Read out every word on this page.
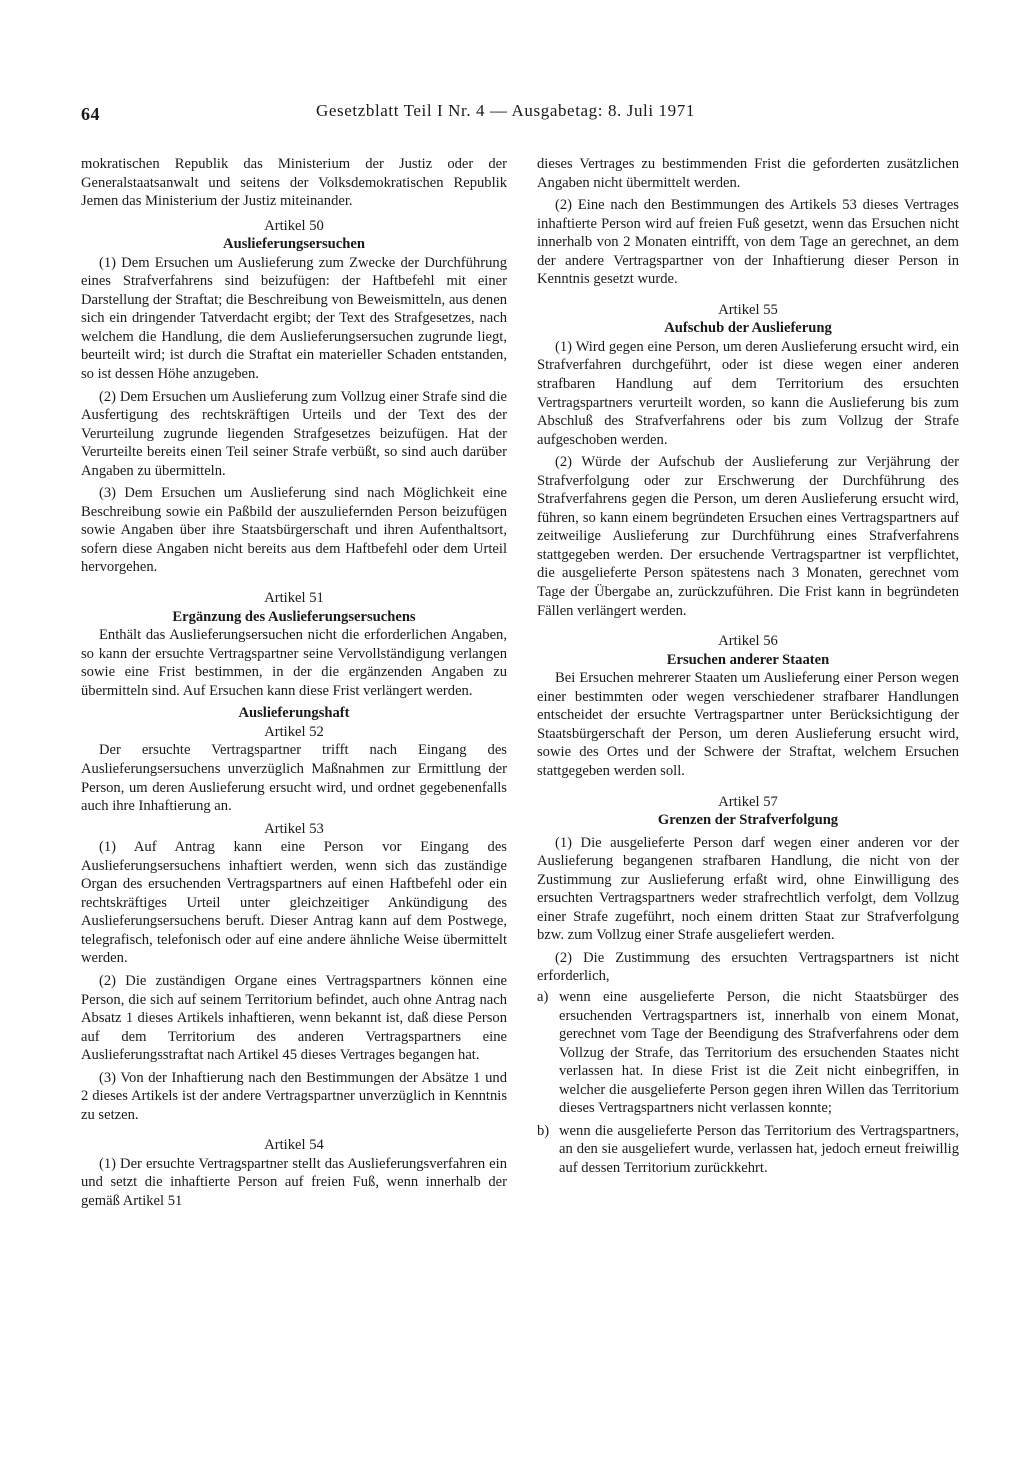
64	Gesetzblatt Teil I Nr. 4 — Ausgabetag: 8. Juli 1971

mokratischen Republik das Ministerium der Justiz oder der Generalstaatsanwalt und seitens der Volksdemokratischen Republik Jemen das Ministerium der Justiz miteinander.

Artikel 50

Auslieferungsersuchen

(1) Dem Ersuchen um Auslieferung zum Zwecke der Durchführung eines Strafverfahrens sind beizufügen: der Haftbefehl mit einer Darstellung der Straftat; die Beschreibung von Beweismitteln, aus denen sich ein dringender Tatverdacht ergibt; der Text des Strafgesetzes, nach welchem die Handlung, die dem Auslieferungsersuchen zugrunde liegt, beurteilt wird; ist durch die Straftat ein materieller Schaden entstanden, so ist dessen Höhe anzugeben.

(2) Dem Ersuchen um Auslieferung zum Vollzug einer Strafe sind die Ausfertigung des rechtskräftigen Urteils und der Text des der Verurteilung zugrunde liegenden Strafgesetzes beizufügen. Hat der Verurteilte bereits einen Teil seiner Strafe verbüßt, so sind auch darüber Angaben zu übermitteln.

(3) Dem Ersuchen um Auslieferung sind nach Möglichkeit eine Beschreibung sowie ein Paßbild der auszuliefernden Person beizufügen sowie Angaben über ihre Staatsbürgerschaft und ihren Aufenthaltsort, sofern diese Angaben nicht bereits aus dem Haftbefehl oder dem Urteil hervorgehen.

Artikel 51

Ergänzung des Auslieferungsersuchens

Enthält das Auslieferungsersuchen nicht die erforderlichen Angaben, so kann der ersuchte Vertragspartner seine Vervollständigung verlangen sowie eine Frist bestimmen, in der die ergänzenden Angaben zu übermitteln sind. Auf Ersuchen kann diese Frist verlängert werden.

Auslieferungshaft

Artikel 52

Der ersuchte Vertragspartner trifft nach Eingang des Auslieferungsersuchens unverzüglich Maßnahmen zur Ermittlung der Person, um deren Auslieferung ersucht wird, und ordnet gegebenenfalls auch ihre Inhaftierung an.

Artikel 53

(1) Auf Antrag kann eine Person vor Eingang des Auslieferungsersuchens inhaftiert werden, wenn sich das zuständige Organ des ersuchenden Vertragspartners auf einen Haftbefehl oder ein rechtskräftiges Urteil unter gleichzeitiger Ankündigung des Auslieferungsersuchens beruft. Dieser Antrag kann auf dem Postwege, telegrafisch, telefonisch oder auf eine andere ähnliche Weise übermittelt werden.

(2) Die zuständigen Organe eines Vertragspartners können eine Person, die sich auf seinem Territorium befindet, auch ohne Antrag nach Absatz 1 dieses Artikels inhaftieren, wenn bekannt ist, daß diese Person auf dem Territorium des anderen Vertragspartners eine Auslieferungsstraftat nach Artikel 45 dieses Vertrages begangen hat.

(3) Von der Inhaftierung nach den Bestimmungen der Absätze 1 und 2 dieses Artikels ist der andere Vertragspartner unverzüglich in Kenntnis zu setzen.

Artikel 54

(1) Der ersuchte Vertragspartner stellt das Auslieferungsverfahren ein und setzt die inhaftierte Person auf freien Fuß, wenn innerhalb der gemäß Artikel 51

dieses Vertrages zu bestimmenden Frist die geforderten zusätzlichen Angaben nicht übermittelt werden.

(2) Eine nach den Bestimmungen des Artikels 53 dieses Vertrages inhaftierte Person wird auf freien Fuß gesetzt, wenn das Ersuchen nicht innerhalb von 2 Monaten eintrifft, von dem Tage an gerechnet, an dem der andere Vertragspartner von der Inhaftierung dieser Person in Kenntnis gesetzt wurde.

Artikel 55

Aufschub der Auslieferung

(1) Wird gegen eine Person, um deren Auslieferung ersucht wird, ein Strafverfahren durchgeführt, oder ist diese wegen einer anderen strafbaren Handlung auf dem Territorium des ersuchten Vertragspartners verurteilt worden, so kann die Auslieferung bis zum Abschluß des Strafverfahrens oder bis zum Vollzug der Strafe aufgeschoben werden.

(2) Würde der Aufschub der Auslieferung zur Verjährung der Strafverfolgung oder zur Erschwerung der Durchführung des Strafverfahrens gegen die Person, um deren Auslieferung ersucht wird, führen, so kann einem begründeten Ersuchen eines Vertragspartners auf zeitweilige Auslieferung zur Durchführung eines Strafverfahrens stattgegeben werden. Der ersuchende Vertragspartner ist verpflichtet, die ausgelieferte Person spätestens nach 3 Monaten, gerechnet vom Tage der Übergabe an, zurückzuführen. Die Frist kann in begründeten Fällen verlängert werden.

Artikel 56

Ersuchen anderer Staaten

Bei Ersuchen mehrerer Staaten um Auslieferung einer Person wegen einer bestimmten oder wegen verschiedener strafbarer Handlungen entscheidet der ersuchte Vertragspartner unter Berücksichtigung der Staatsbürgerschaft der Person, um deren Auslieferung ersucht wird, sowie des Ortes und der Schwere der Straftat, welchem Ersuchen stattgegeben werden soll.

Artikel 57

Grenzen der Strafverfolgung

(1) Die ausgelieferte Person darf wegen einer anderen vor der Auslieferung begangenen strafbaren Handlung, die nicht von der Zustimmung zur Auslieferung erfaßt wird, ohne Einwilligung des ersuchten Vertragspartners weder strafrechtlich verfolgt, dem Vollzug einer Strafe zugeführt, noch einem dritten Staat zur Strafverfolgung bzw. zum Vollzug einer Strafe ausgeliefert werden.

(2) Die Zustimmung des ersuchten Vertragspartners ist nicht erforderlich,

a) wenn eine ausgelieferte Person, die nicht Staatsbürger des ersuchenden Vertragspartners ist, innerhalb von einem Monat, gerechnet vom Tage der Beendigung des Strafverfahrens oder dem Vollzug der Strafe, das Territorium des ersuchenden Staates nicht verlassen hat. In diese Frist ist die Zeit nicht einbegriffen, in welcher die ausgelieferte Person gegen ihren Willen das Territorium dieses Vertragspartners nicht verlassen konnte;
b) wenn die ausgelieferte Person das Territorium des Vertragspartners, an den sie ausgeliefert wurde, verlassen hat, jedoch erneut freiwillig auf dessen Territorium zurückkehrt.
